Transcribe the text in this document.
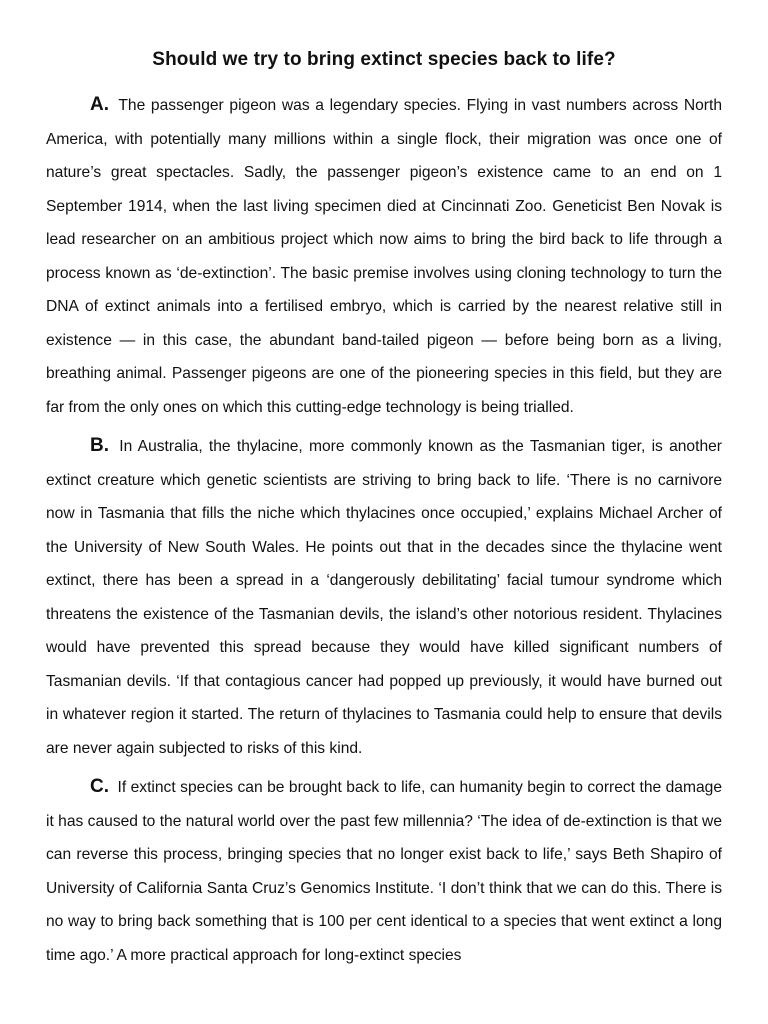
Should we try to bring extinct species back to life?

A. The passenger pigeon was a legendary species. Flying in vast numbers across North America, with potentially many millions within a single flock, their migration was once one of nature’s great spectacles. Sadly, the passenger pigeon’s existence came to an end on 1 September 1914, when the last living specimen died at Cincinnati Zoo. Geneticist Ben Novak is lead researcher on an ambitious project which now aims to bring the bird back to life through a process known as ‘de-extinction’. The basic premise involves using cloning technology to turn the DNA of extinct animals into a fertilised embryo, which is carried by the nearest relative still in existence — in this case, the abundant band-tailed pigeon — before being born as a living, breathing animal. Passenger pigeons are one of the pioneering species in this field, but they are far from the only ones on which this cutting-edge technology is being trialled.

B. In Australia, the thylacine, more commonly known as the Tasmanian tiger, is another extinct creature which genetic scientists are striving to bring back to life. ‘There is no carnivore now in Tasmania that fills the niche which thylacines once occupied,’ explains Michael Archer of the University of New South Wales. He points out that in the decades since the thylacine went extinct, there has been a spread in a ‘dangerously debilitating’ facial tumour syndrome which threatens the existence of the Tasmanian devils, the island’s other notorious resident. Thylacines would have prevented this spread because they would have killed significant numbers of Tasmanian devils. ‘If that contagious cancer had popped up previously, it would have burned out in whatever region it started. The return of thylacines to Tasmania could help to ensure that devils are never again subjected to risks of this kind.

C. If extinct species can be brought back to life, can humanity begin to correct the damage it has caused to the natural world over the past few millennia? ‘The idea of de-extinction is that we can reverse this process, bringing species that no longer exist back to life,’ says Beth Shapiro of University of California Santa Cruz’s Genomics Institute. ‘I don’t think that we can do this. There is no way to bring back something that is 100 per cent identical to a species that went extinct a long time ago.’ A more practical approach for long-extinct species
